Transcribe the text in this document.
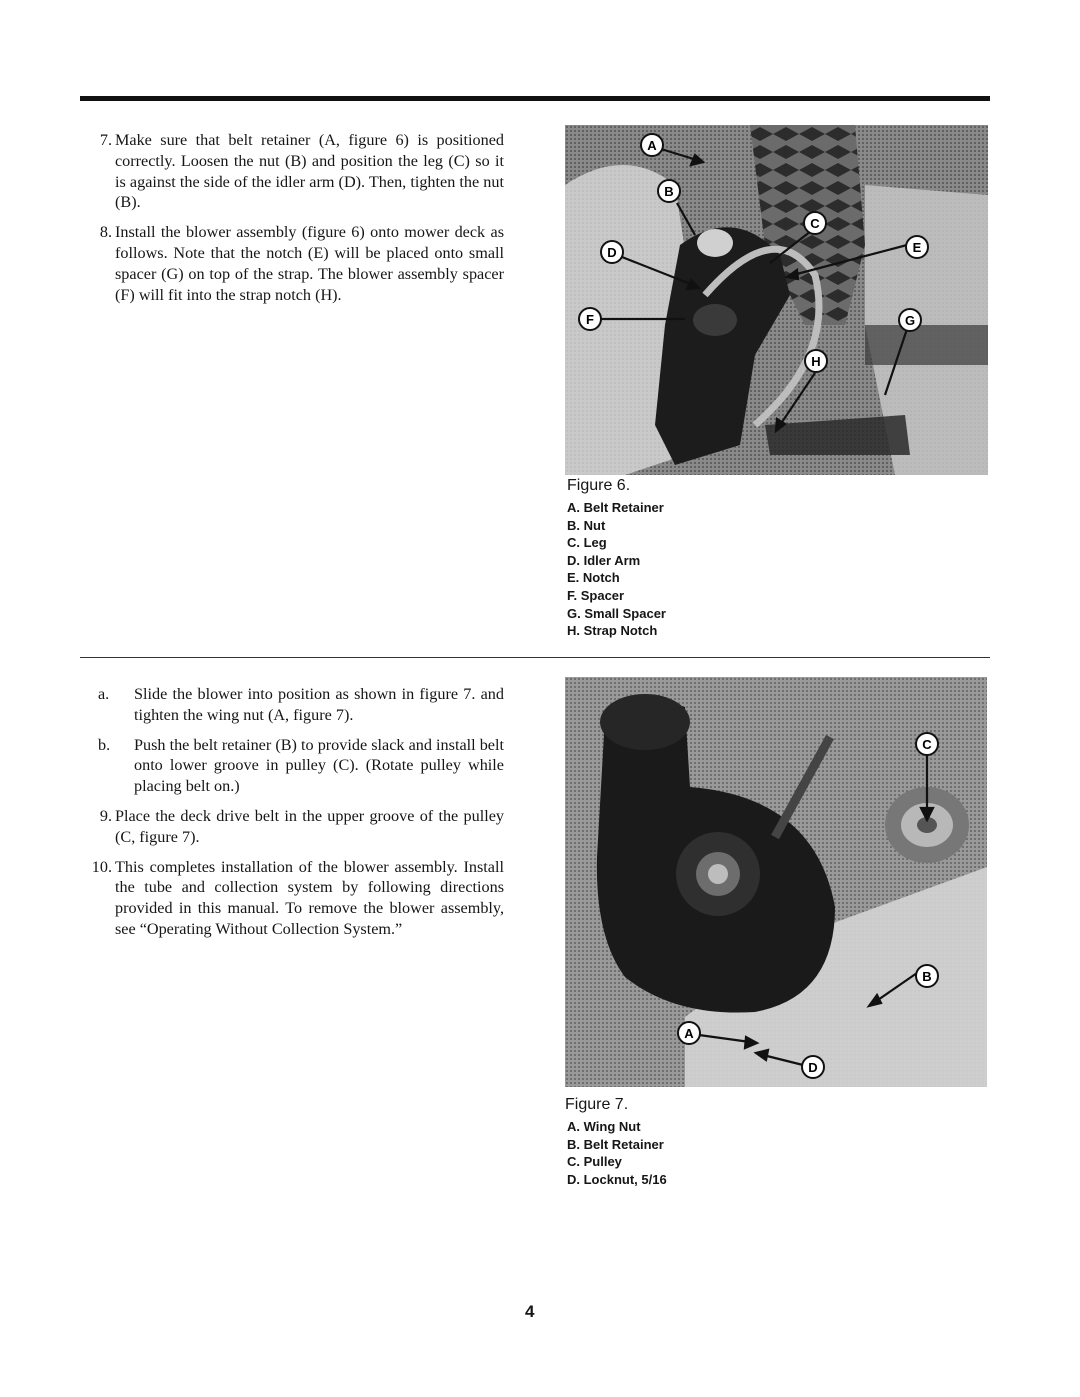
7. Make sure that belt retainer (A, figure 6) is positioned correctly. Loosen the nut (B) and position the leg (C) so it is against the side of the idler arm (D). Then, tighten the nut (B).
8. Install the blower assembly (figure 6) onto mower deck as follows. Note that the notch (E) will be placed onto small spacer (G) on top of the strap. The blower assembly spacer (F) will fit into the strap notch (H).
A
B
C
D	E
F	G
H
Figure 6.
A. Belt Retainer
B. Nut
C. Leg
D. Idler Arm
E. Notch
F. Spacer
G. Small Spacer
H. Strap Notch
a.	Slide the blower into position as shown in figure 7. and tighten the wing nut (A, figure 7).
b.	Push the belt retainer (B) to provide slack and install belt onto lower groove in pulley (C). (Rotate pulley while placing belt on.)
9. Place the deck drive belt in the upper groove of the pulley (C, figure 7).
10. This completes installation of the blower assembly. Install the tube and collection system by following directions provided in this manual. To remove the blower assembly, see “Operating Without Collection System.”
C
B
A
D
Figure 7.
A. Wing Nut
B. Belt Retainer
C. Pulley
D. Locknut, 5/16
4
